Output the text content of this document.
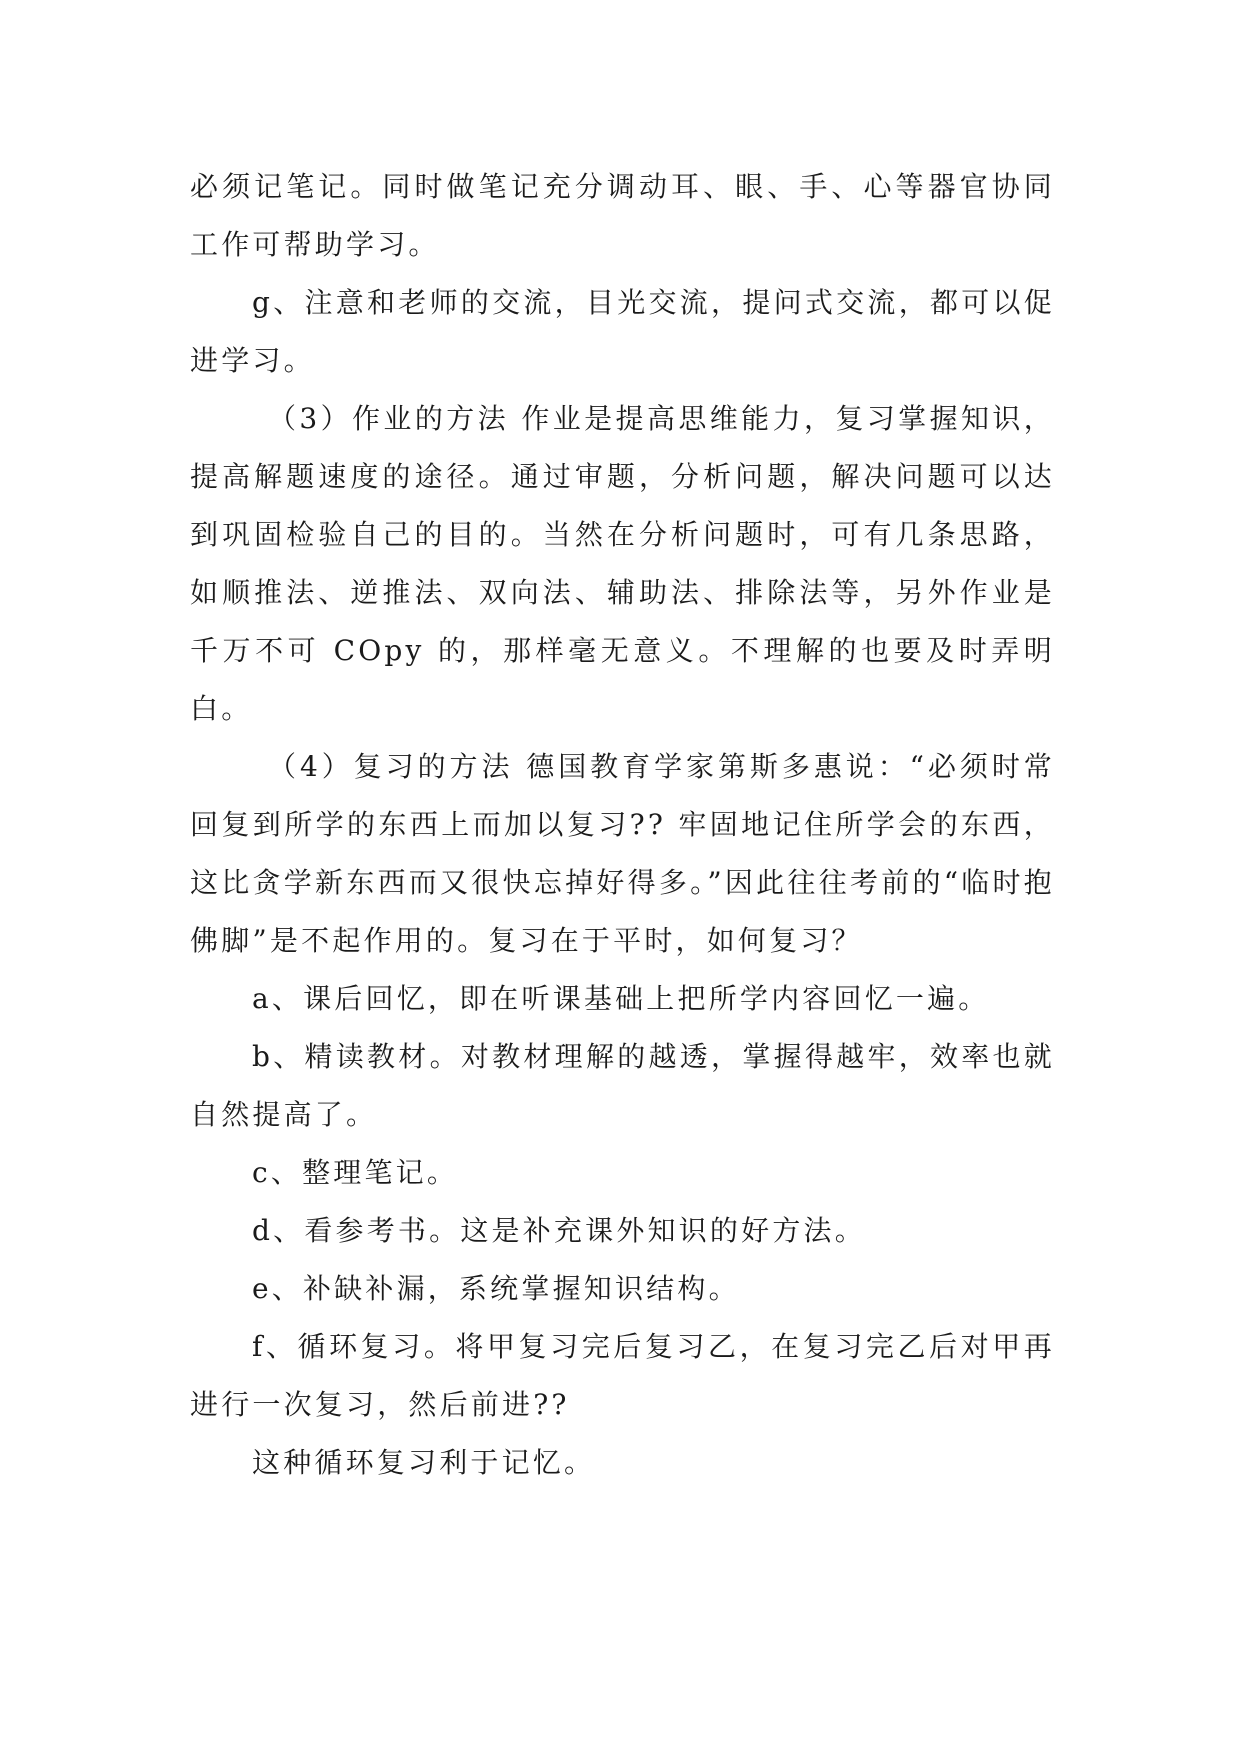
必须记笔记。同时做笔记充分调动耳、眼、手、心等器官协同工作可帮助学习。

g、注意和老师的交流，目光交流，提问式交流，都可以促进学习。

（3）作业的方法 作业是提高思维能力，复习掌握知识，提高解题速度的途径。通过审题，分析问题，解决问题可以达到巩固检验自己的目的。当然在分析问题时，可有几条思路，如顺推法、逆推法、双向法、辅助法、排除法等，另外作业是千万不可 COpy 的，那样毫无意义。不理解的也要及时弄明白。

（4）复习的方法 德国教育学家第斯多惠说：“必须时常回复到所学的东西上而加以复习?? 牢固地记住所学会的东西，这比贪学新东西而又很快忘掉好得多。”因此往往考前的“临时抱佛脚”是不起作用的。复习在于平时，如何复习？

a、课后回忆，即在听课基础上把所学内容回忆一遍。

b、精读教材。对教材理解的越透，掌握得越牢，效率也就自然提高了。

c、整理笔记。

d、看参考书。这是补充课外知识的好方法。

e、补缺补漏，系统掌握知识结构。

f、循环复习。将甲复习完后复习乙，在复习完乙后对甲再进行一次复习，然后前进??

这种循环复习利于记忆。
